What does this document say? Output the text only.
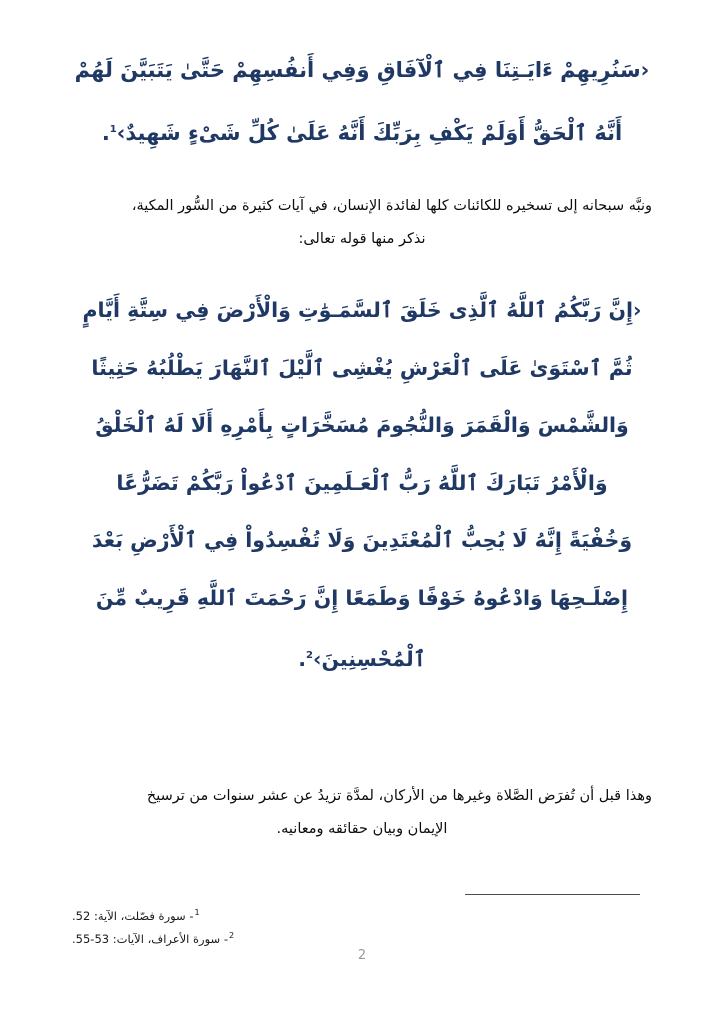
‹سَنُرِيهِمْ ءَايَـتِنَا فِي ٱلْآفَاقِ وَفِي أَنفُسِهِمْ حَتَّىٰ يَتَبَيَّنَ لَهُمْ
أَنَّهُ ٱلْحَقُّ أَوَلَمْ يَكْفِ بِرَبِّكَ أَنَّهُ عَلَىٰ كُلِّ شَىْءٍ شَهِيدٌ›$^1$.
ونبَّه سبحانه إلى تسخيره للكائنات كلها لفائدة الإنسان، في آيات كثيرة من السُّور المكية،
نذكر منها قوله تعالى:
‹إِنَّ رَبَّكُمُ ٱللَّهُ ٱلَّذِى خَلَقَ ٱلسَّمَـوَٰتِ وَالْأَرْضَ فِي سِتَّةِ أَيَّامٍ
ثُمَّ ٱسْتَوَىٰ عَلَى ٱلْعَرْشِ يُغْشِى ٱلَّيْلَ ٱلنَّهَارَ يَطْلُبُهُ حَثِيثًا
وَالشَّمْسَ وَالْقَمَرَ وَالنُّجُومَ مُسَخَّرَاتٍ بِأَمْرِهِ أَلَا لَهُ ٱلْخَلْقُ
وَالْأَمْرُ تَبَارَكَ ٱللَّهُ رَبُّ ٱلْعَـلَمِينَ ٱدْعُواْ رَبَّكُمْ تَضَرُّعًا
وَخُفْيَةً إِنَّهُ لَا يُحِبُّ ٱلْمُعْتَدِينَ وَلَا تُفْسِدُواْ فِي ٱلْأَرْضِ بَعْدَ
إِصْلَـحِهَا وَادْعُوهُ خَوْفًا وَطَمَعًا إِنَّ رَحْمَتَ ٱللَّهِ قَرِيبٌ مِّنَ
ٱلْمُحْسِنِينَ›$^2$.
وهذا قبل أن تُفرَض الصَّلاة وغيرها من الأركان، لمدَّة تزيدُ عن عشر سنوات من ترسيخ
الإيمان وبيان حقائقه ومعانيه.
$^1$- سورة فصّلت، الآية: 52.
$^2$- سورة الأعراف، الآيات: 53-55.
2
